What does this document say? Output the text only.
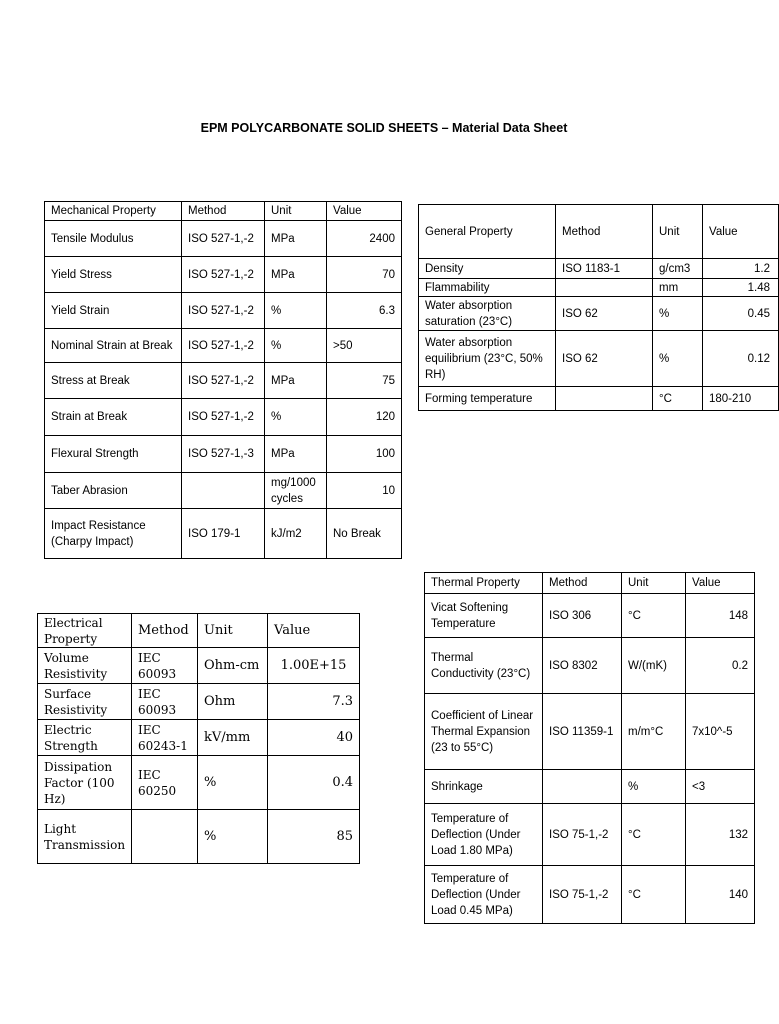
EPM POLYCARBONATE SOLID SHEETS – Material Data Sheet
Mechanical Property	Method	Unit	Value
Tensile Modulus	ISO 527-1,-2	MPa	2400
Yield Stress	ISO 527-1,-2	MPa	70
Yield Strain	ISO 527-1,-2	%	6.3
Nominal Strain at Break	ISO 527-1,-2	%	>50
Stress at Break	ISO 527-1,-2	MPa	75
Strain at Break	ISO 527-1,-2	%	120
Flexural Strength	ISO 527-1,-3	MPa	100
Taber Abrasion		mg/1000 cycles	10
Impact Resistance (Charpy Impact)	ISO 179-1	kJ/m2	No Break
General Property	Method	Unit	Value
Density	ISO 1183-1	g/cm3	1.2
Flammability		mm	1.48
Water absorption saturation (23°C)	ISO 62	%	0.45
Water absorption equilibrium (23°C, 50% RH)	ISO 62	%	0.12
Forming temperature		°C	180-210
Electrical Property	Method	Unit	Value
Volume Resistivity	IEC 60093	Ohm-cm	1.00E+15
Surface Resistivity	IEC 60093	Ohm	7.3
Electric Strength	IEC 60243-1	kV/mm	40
Dissipation Factor (100 Hz)	IEC 60250	%	0.4
Light Transmission		%	85
Thermal Property	Method	Unit	Value
Vicat Softening Temperature	ISO 306	°C	148
Thermal Conductivity (23°C)	ISO 8302	W/(mK)	0.2
Coefficient of Linear Thermal Expansion (23 to 55°C)	ISO 11359-1	m/m°C	7x10^-5
Shrinkage		%	<3
Temperature of Deflection (Under Load 1.80 MPa)	ISO 75-1,-2	°C	132
Temperature of Deflection (Under Load 0.45 MPa)	ISO 75-1,-2	°C	140
